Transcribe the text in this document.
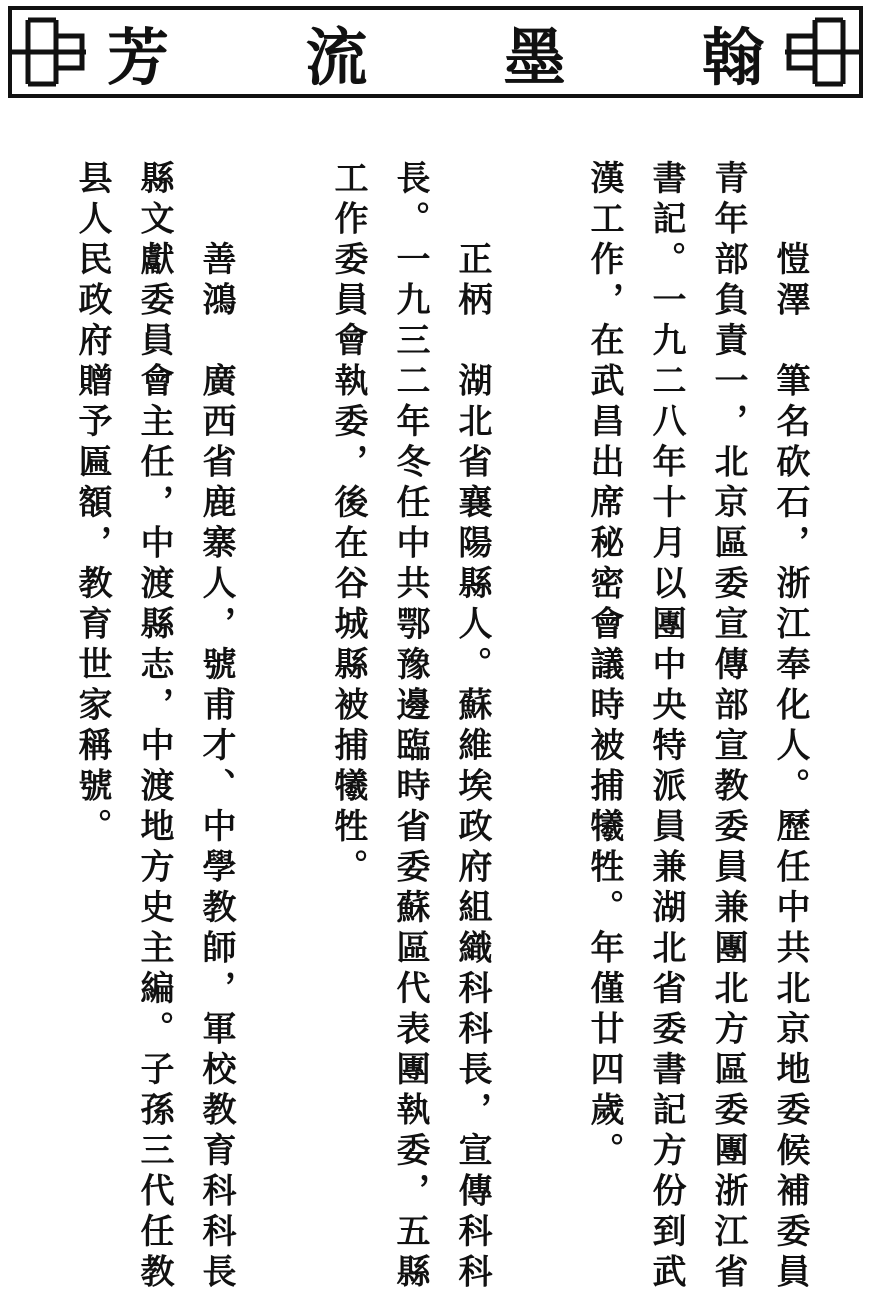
芳 流 墨 翰
　　愷澤　筆名砍石，浙江奉化人。歷任中共北京地委候補委員
青年部負責一，北京區委宣傳部宣教委員兼團北方區委團浙江省
書記。一九二八年十月以團中央特派員兼湖北省委書記方份到武
漢工作，在武昌出席秘密會議時被捕犧牲。年僅廿四歲。
　　正柄　湖北省襄陽縣人。蘇維埃政府組織科科長，宣傳科科
長。一九三二年冬任中共鄂豫邊臨時省委蘇區代表團執委，五縣
工作委員會執委，後在谷城縣被捕犧牲。
　　善鴻　廣西省鹿寨人，號甫才、中學教師，軍校教育科科長
縣文獻委員會主任，中渡縣志，中渡地方史主編。子孫三代任教
县人民政府贈予匾額，教育世家稱號。
